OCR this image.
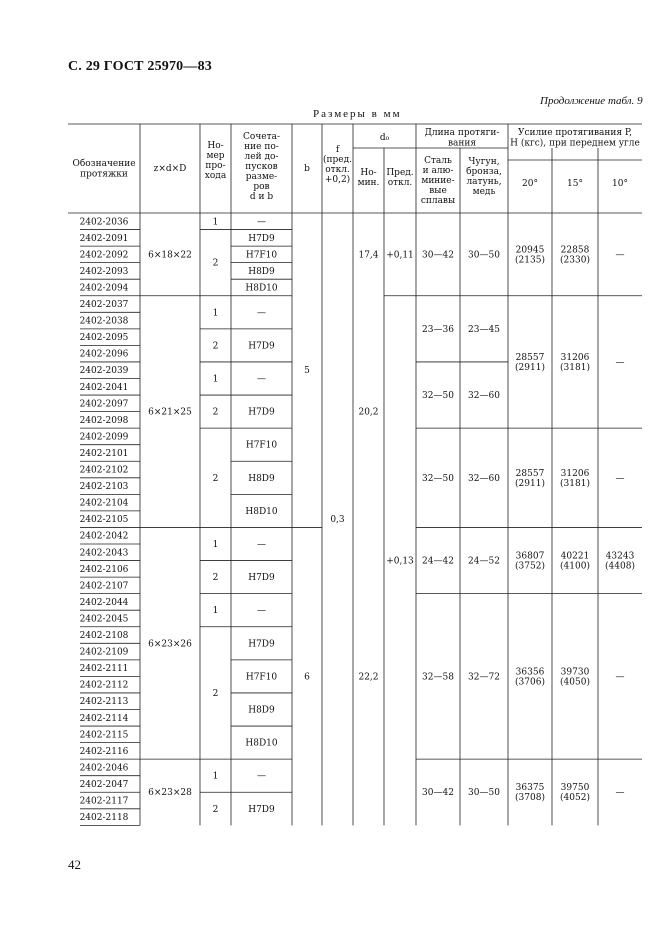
С. 29 ГОСТ 25970—83
Продолжение табл. 9
Размеры в мм
Обозначение протяжки
z×d×D
Но-мер про-хода
Сочета-ние по-лей до-пусков разме-ров d и b
b
f (пред. откл. +0,2)
d₀
Но-мин.
Пред. откл.
Длина протяги-вания
Сталь и алю-миние-вые сплавы
Чугун, бронза, латунь, медь
Усилие протягивания P, Н (кгс), при переднем угле
20°	15°	10°
2402-2036
2402-2091
2402-2092
2402-2093
2402-2094
2402-2037
2402-2038
2402-2095
2402-2096
2402-2039
2402-2041
2402-2097
2402-2098
2402-2099
2402-2101
2402-2102
2402-2103
2402-2104
2402-2105
2402-2042
2402-2043
2402-2106
2402-2107
2402-2044
2402-2045
2402-2108
2402-2109
2402-2111
2402-2112
2402-2113
2402-2114
2402-2115
2402-2116
2402-2046
2402-2047
2402-2117
2402-2118
6×18×22
6×21×25
6×23×26
6×23×28
1
2
1
2
1
2
2
1
2
1
2
1
2
—
H7D9
H7F10
H8D9
H8D10
—
H7D9
—
H7D9
H7F10
H8D9
H8D10
—
H7D9
—
H7D9
H7F10
H8D9
H8D10
—
H7D9
5
6
0,3
17,4
20,2
22,2
+0,11
+0,13
30—42
23—36
32—50
32—50
24—42
32—58
30—42
30—50
23—45
32—60
32—60
24—52
32—72
30—50
20945 (2135)
28557 (2911)
28557 (2911)
36807 (3752)
36356 (3706)
36375 (3708)
22858 (2330)
31206 (3181)
31206 (3181)
40221 (4100)
39730 (4050)
39750 (4052)
—
—
—
43243 (4408)
—
—
42
